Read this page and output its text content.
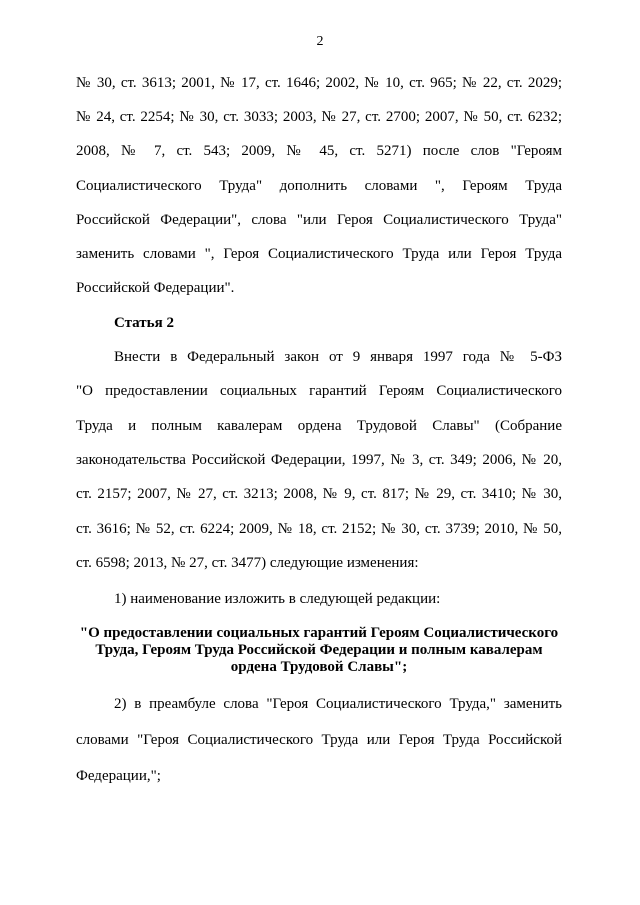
2
№ 30, ст. 3613; 2001, № 17, ст. 1646; 2002, № 10, ст. 965; № 22, ст. 2029;
№ 24, ст. 2254; № 30, ст. 3033; 2003, № 27, ст. 2700; 2007, № 50, ст. 6232;
2008, № 7, ст. 543; 2009, № 45, ст. 5271) после слов "Героям
Социалистического Труда" дополнить словами ", Героям Труда
Российской Федерации", слова "или Героя Социалистического Труда"
заменить словами ", Героя Социалистического Труда или Героя Труда
Российской Федерации".
Статья 2
Внести в Федеральный закон от 9 января 1997 года № 5-ФЗ
"О предоставлении социальных гарантий Героям Социалистического
Труда и полным кавалерам ордена Трудовой Славы" (Собрание
законодательства Российской Федерации, 1997, № 3, ст. 349; 2006, № 20,
ст. 2157; 2007, № 27, ст. 3213; 2008, № 9, ст. 817; № 29, ст. 3410; № 30,
ст. 3616; № 52, ст. 6224; 2009, № 18, ст. 2152; № 30, ст. 3739; 2010, № 50,
ст. 6598; 2013, № 27, ст. 3477) следующие изменения:
1) наименование изложить в следующей редакции:
"О предоставлении социальных гарантий Героям Социалистического
Труда, Героям Труда Российской Федерации и полным кавалерам
ордена Трудовой Славы";
2) в преамбуле слова "Героя Социалистического Труда," заменить
словами "Героя Социалистического Труда или Героя Труда Российской
Федерации,";
